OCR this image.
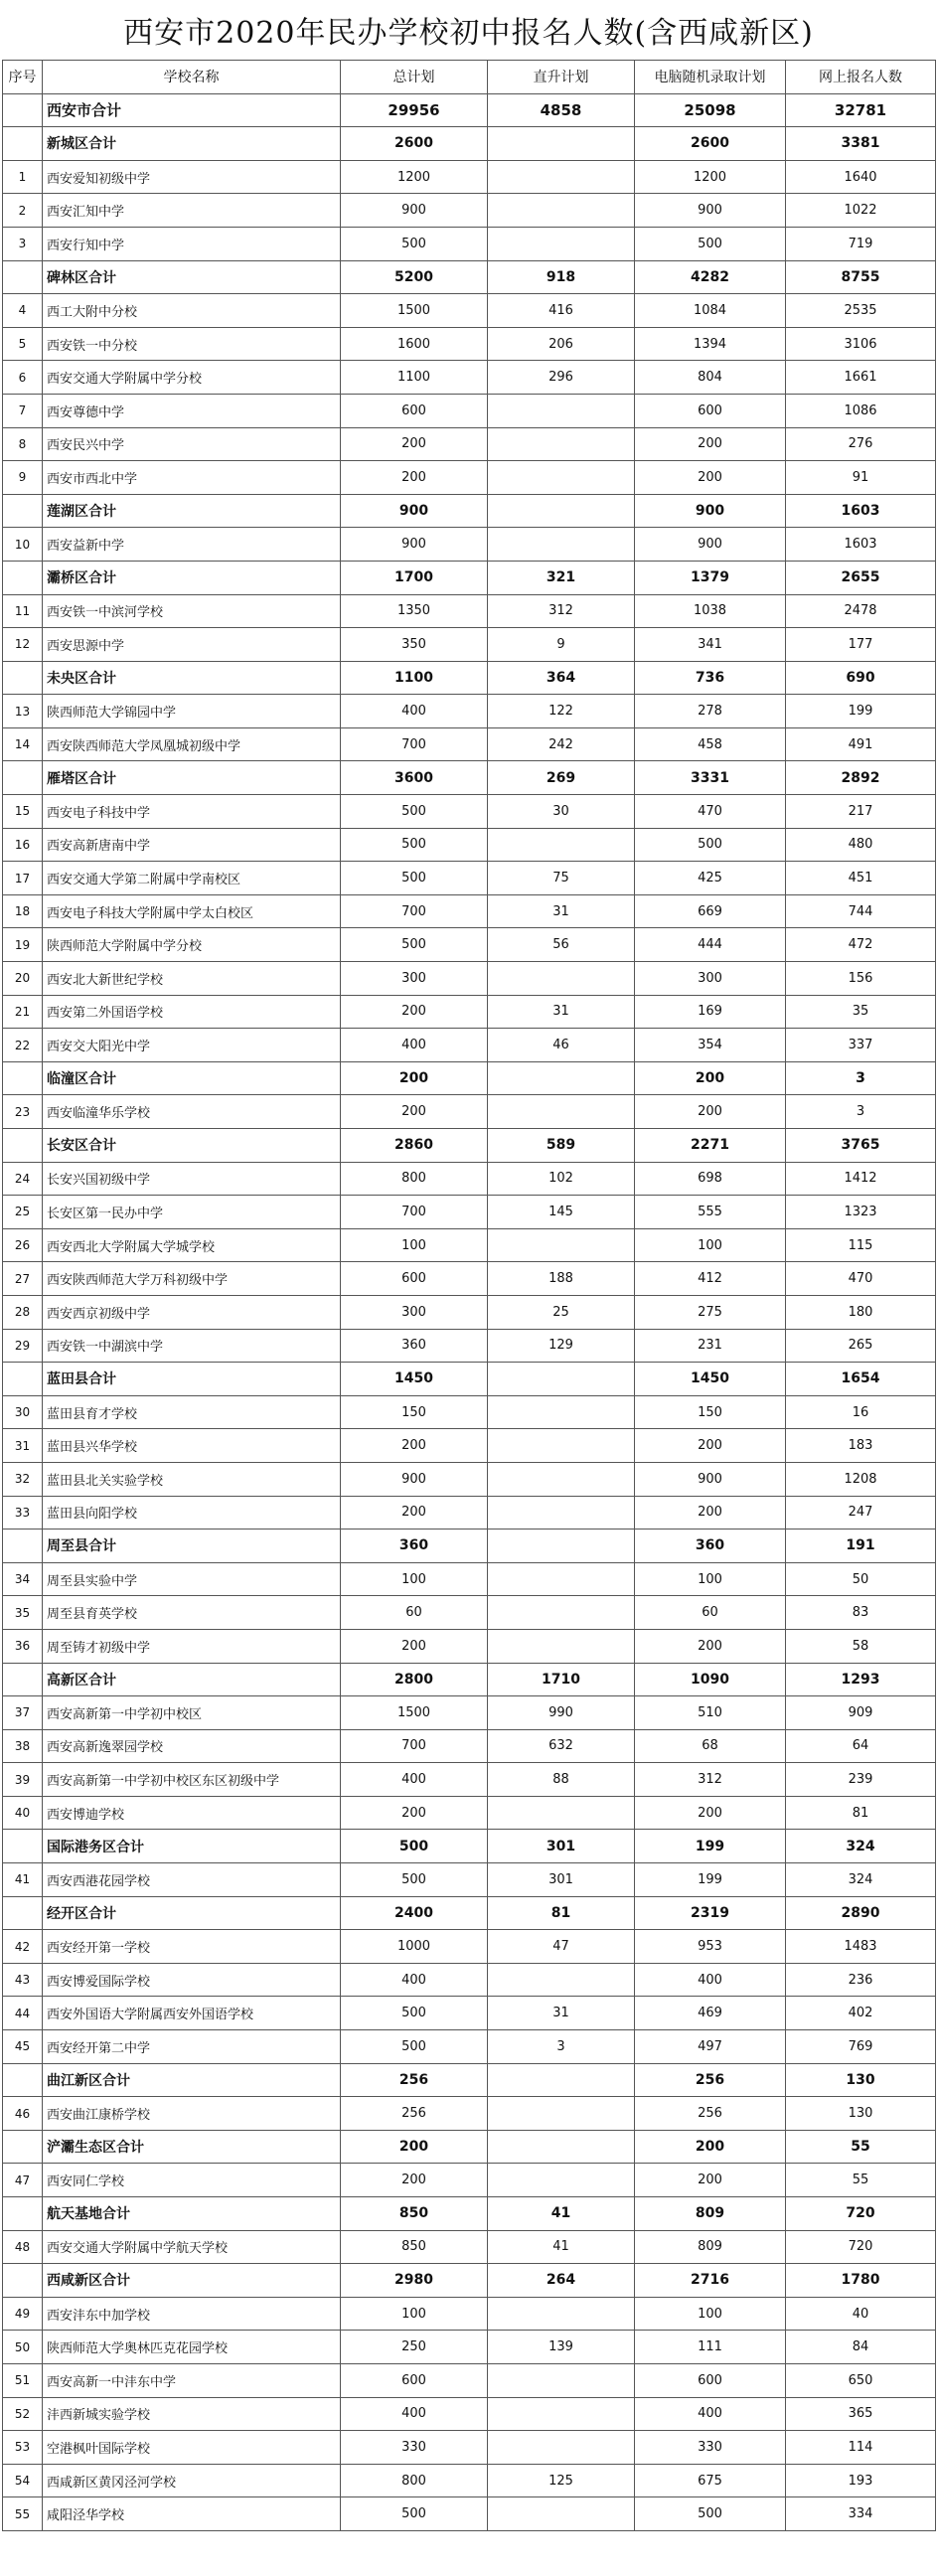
西安市2020年民办学校初中报名人数(含西咸新区)
序号	学校名称	总计划	直升计划	电脑随机录取计划	网上报名人数
	西安市合计	29956	4858	25098	32781
	新城区合计	2600		2600	3381
1	西安爱知初级中学	1200		1200	1640
2	西安汇知中学	900		900	1022
3	西安行知中学	500		500	719
	碑林区合计	5200	918	4282	8755
4	西工大附中分校	1500	416	1084	2535
5	西安铁一中分校	1600	206	1394	3106
6	西安交通大学附属中学分校	1100	296	804	1661
7	西安尊德中学	600		600	1086
8	西安民兴中学	200		200	276
9	西安市西北中学	200		200	91
	莲湖区合计	900		900	1603
10	西安益新中学	900		900	1603
	灞桥区合计	1700	321	1379	2655
11	西安铁一中滨河学校	1350	312	1038	2478
12	西安思源中学	350	9	341	177
	未央区合计	1100	364	736	690
13	陕西师范大学锦园中学	400	122	278	199
14	西安陕西师范大学凤凰城初级中学	700	242	458	491
	雁塔区合计	3600	269	3331	2892
15	西安电子科技中学	500	30	470	217
16	西安高新唐南中学	500		500	480
17	西安交通大学第二附属中学南校区	500	75	425	451
18	西安电子科技大学附属中学太白校区	700	31	669	744
19	陕西师范大学附属中学分校	500	56	444	472
20	西安北大新世纪学校	300		300	156
21	西安第二外国语学校	200	31	169	35
22	西安交大阳光中学	400	46	354	337
	临潼区合计	200		200	3
23	西安临潼华乐学校	200		200	3
	长安区合计	2860	589	2271	3765
24	长安兴国初级中学	800	102	698	1412
25	长安区第一民办中学	700	145	555	1323
26	西安西北大学附属大学城学校	100		100	115
27	西安陕西师范大学万科初级中学	600	188	412	470
28	西安西京初级中学	300	25	275	180
29	西安铁一中湖滨中学	360	129	231	265
	蓝田县合计	1450		1450	1654
30	蓝田县育才学校	150		150	16
31	蓝田县兴华学校	200		200	183
32	蓝田县北关实验学校	900		900	1208
33	蓝田县向阳学校	200		200	247
	周至县合计	360		360	191
34	周至县实验中学	100		100	50
35	周至县育英学校	60		60	83
36	周至铸才初级中学	200		200	58
	高新区合计	2800	1710	1090	1293
37	西安高新第一中学初中校区	1500	990	510	909
38	西安高新逸翠园学校	700	632	68	64
39	西安高新第一中学初中校区东区初级中学	400	88	312	239
40	西安博迪学校	200		200	81
	国际港务区合计	500	301	199	324
41	西安西港花园学校	500	301	199	324
	经开区合计	2400	81	2319	2890
42	西安经开第一学校	1000	47	953	1483
43	西安博爱国际学校	400		400	236
44	西安外国语大学附属西安外国语学校	500	31	469	402
45	西安经开第二中学	500	3	497	769
	曲江新区合计	256		256	130
46	西安曲江康桥学校	256		256	130
	浐灞生态区合计	200		200	55
47	西安同仁学校	200		200	55
	航天基地合计	850	41	809	720
48	西安交通大学附属中学航天学校	850	41	809	720
	西咸新区合计	2980	264	2716	1780
49	西安沣东中加学校	100		100	40
50	陕西师范大学奥林匹克花园学校	250	139	111	84
51	西安高新一中沣东中学	600		600	650
52	沣西新城实验学校	400		400	365
53	空港枫叶国际学校	330		330	114
54	西咸新区黄冈泾河学校	800	125	675	193
55	咸阳泾华学校	500		500	334
